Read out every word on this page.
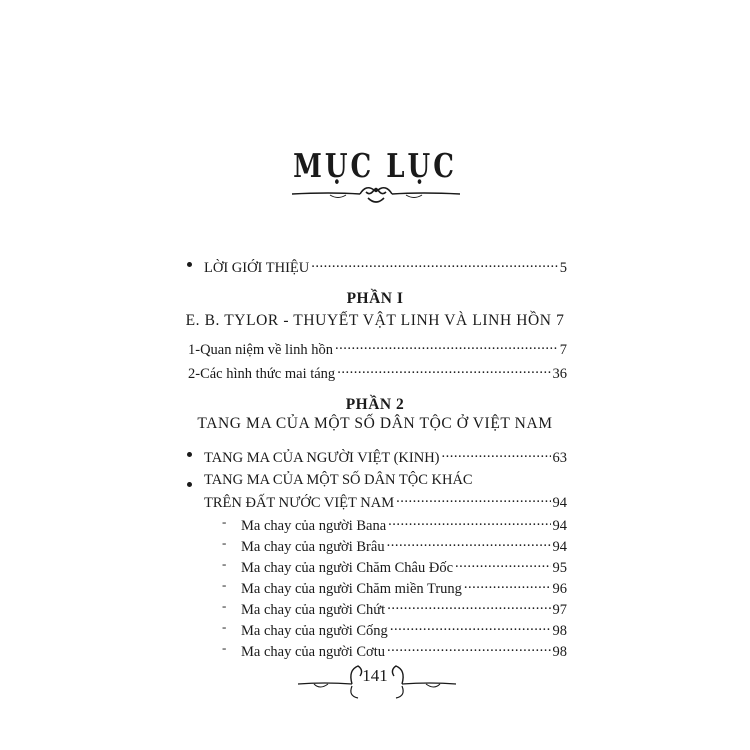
MỤC LỤC
LỜI GIỚI THIỆU .....	5
PHẦN I
E. B. TYLOR - THUYẾT VẬT LINH VÀ LINH HỒN 7
1-Quan niệm về linh hồn .....	7
2-Các hình thức mai táng .....	36
PHẦN 2
TANG MA CỦA MỘT SỐ DÂN TỘC Ở VIỆT NAM
TANG MA CỦA NGƯỜI VIỆT (KINH) .....	63
TANG MA CỦA MỘT SỐ DÂN TỘC KHÁC
TRÊN ĐẤT NƯỚC VIỆT NAM .....	94
- Ma chay của người Bana .....	94
- Ma chay của người Brâu .....	94
- Ma chay của người Chăm Châu Đốc .....	95
- Ma chay của người Chăm miền Trung .....	96
- Ma chay của người Chứt .....	97
- Ma chay của người Cống .....	98
- Ma chay của người Cơtu .....	98
141
